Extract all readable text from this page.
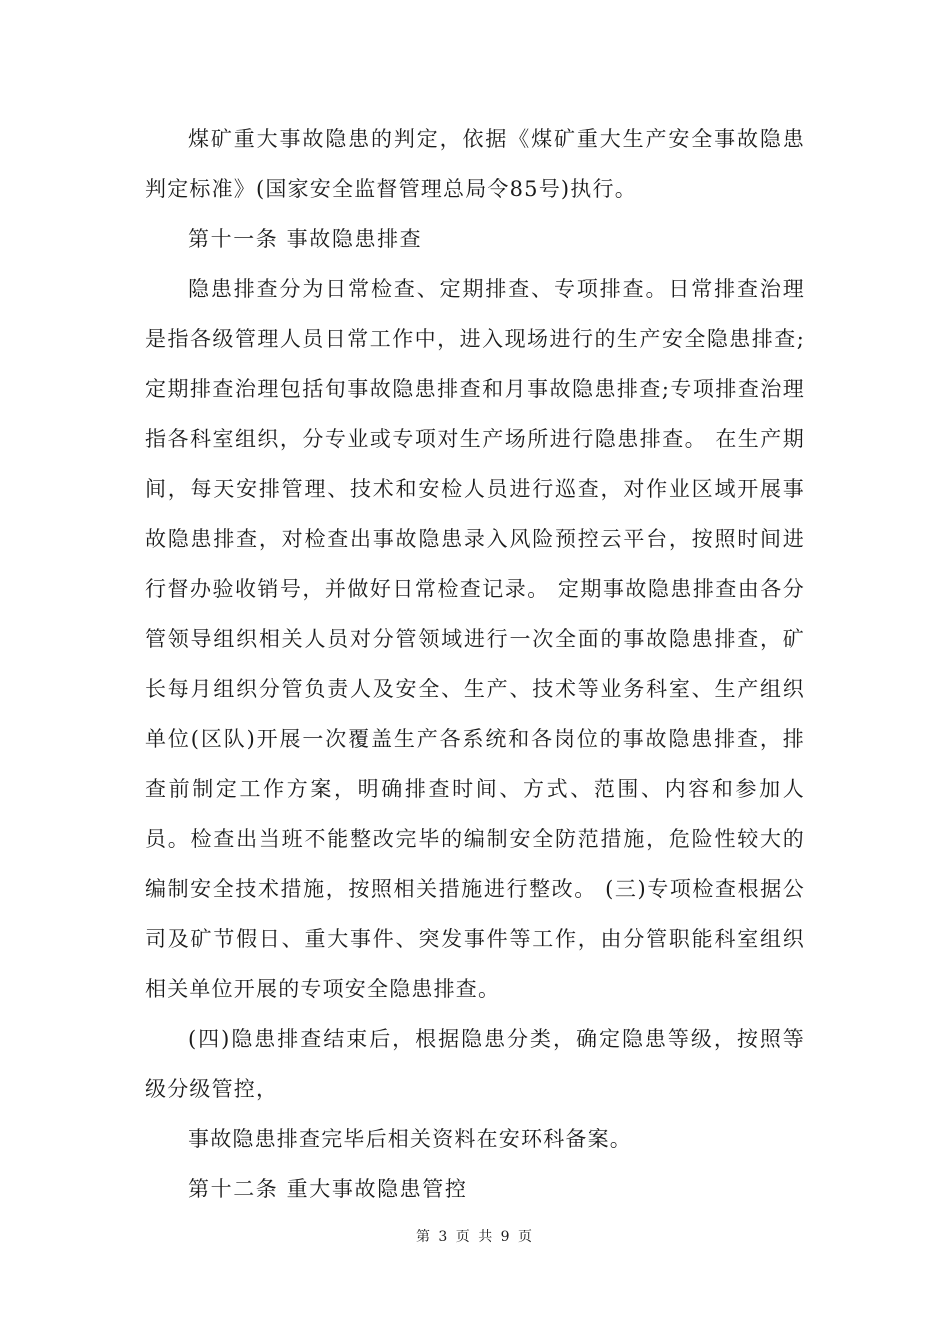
煤矿重大事故隐患的判定，依据《煤矿重大生产安全事故隐患判定标准》(国家安全监督管理总局令85号)执行。

第十一条 事故隐患排查

隐患排查分为日常检查、定期排查、专项排查。日常排查治理是指各级管理人员日常工作中，进入现场进行的生产安全隐患排查;定期排查治理包括旬事故隐患排查和月事故隐患排查;专项排查治理指各科室组织，分专业或专项对生产场所进行隐患排查。 在生产期间，每天安排管理、技术和安检人员进行巡查，对作业区域开展事故隐患排查，对检查出事故隐患录入风险预控云平台，按照时间进行督办验收销号，并做好日常检查记录。 定期事故隐患排查由各分管领导组织相关人员对分管领域进行一次全面的事故隐患排查，矿长每月组织分管负责人及安全、生产、技术等业务科室、生产组织单位(区队)开展一次覆盖生产各系统和各岗位的事故隐患排查，排查前制定工作方案，明确排查时间、方式、范围、内容和参加人员。检查出当班不能整改完毕的编制安全防范措施，危险性较大的编制安全技术措施，按照相关措施进行整改。 (三)专项检查根据公司及矿节假日、重大事件、突发事件等工作，由分管职能科室组织相关单位开展的专项安全隐患排查。

(四)隐患排查结束后，根据隐患分类，确定隐患等级，按照等级分级管控，

事故隐患排查完毕后相关资料在安环科备案。

第十二条 重大事故隐患管控

第 3 页 共 9 页
